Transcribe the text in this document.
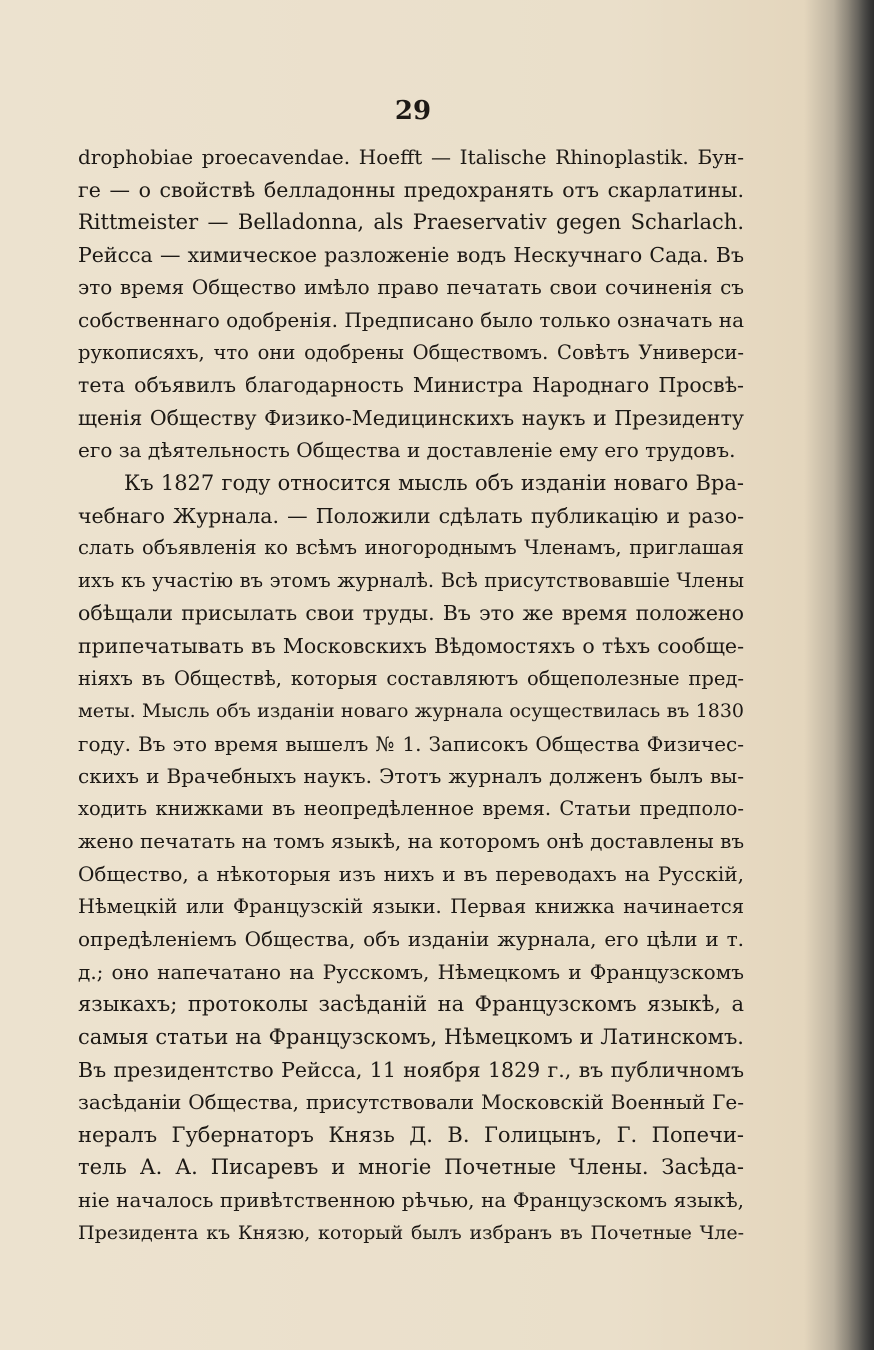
29
drophobiae proecavendae. Hoefft — Italische Rhinoplastik. Бун-
ге — о свойствѣ белладонны предохранять отъ скарлатины.
Rittmeister — Belladonna, als Praeservativ gegen Scharlach.
Рейсса — химическое разложеніе водъ Нескучнаго Сада. Въ
это время Общество имѣло право печатать свои сочиненія съ
собственнаго одобренія. Предписано было только означать на
рукописяхъ, что они одобрены Обществомъ. Совѣтъ Универси-
тета объявилъ благодарность Министра Народнаго Просвѣ-
щенія Обществу Физико-Медицинскихъ наукъ и Президенту
его за дѣятельность Общества и доставленіе ему его трудовъ.
Къ 1827 году относится мысль объ изданіи новаго Вра-
чебнаго Журнала. — Положили сдѣлать публикацію и разо-
слать объявленія ко всѣмъ иногороднымъ Членамъ, приглашая
ихъ къ участію въ этомъ журналѣ. Всѣ присутствовавшіе Члены
обѣщали присылать свои труды. Въ это же время положено
припечатывать въ Московскихъ Вѣдомостяхъ о тѣхъ сообще-
ніяхъ въ Обществѣ, которыя составляютъ общеполезные пред-
меты. Мысль объ изданіи новаго журнала осуществилась въ 1830
году. Въ это время вышелъ № 1. Записокъ Общества Физичес-
скихъ и Врачебныхъ наукъ. Этотъ журналъ долженъ былъ вы-
ходить книжками въ неопредѣленное время. Статьи предполо-
жено печатать на томъ языкѣ, на которомъ онѣ доставлены въ
Общество, а нѣкоторыя изъ нихъ и въ переводахъ на Русскій,
Нѣмецкій или Французскій языки. Первая книжка начинается
опредѣленіемъ Общества, объ изданіи журнала, его цѣли и т.
д.; оно напечатано на Русскомъ, Нѣмецкомъ и Французскомъ
языкахъ; протоколы засѣданій на Французскомъ языкѣ, а
самыя статьи на Французскомъ, Нѣмецкомъ и Латинскомъ.
Въ президентство Рейсса, 11 ноября 1829 г., въ публичномъ
засѣданіи Общества, присутствовали Московскій Военный Ге-
нералъ Губернаторъ Князь Д. В. Голицынъ, Г. Попечи-
тель А. А. Писаревъ и многіе Почетные Члены. Засѣда-
ніе началось привѣтственною рѣчью, на Французскомъ языкѣ,
Президента къ Князю, который былъ избранъ въ Почетные Чле-
